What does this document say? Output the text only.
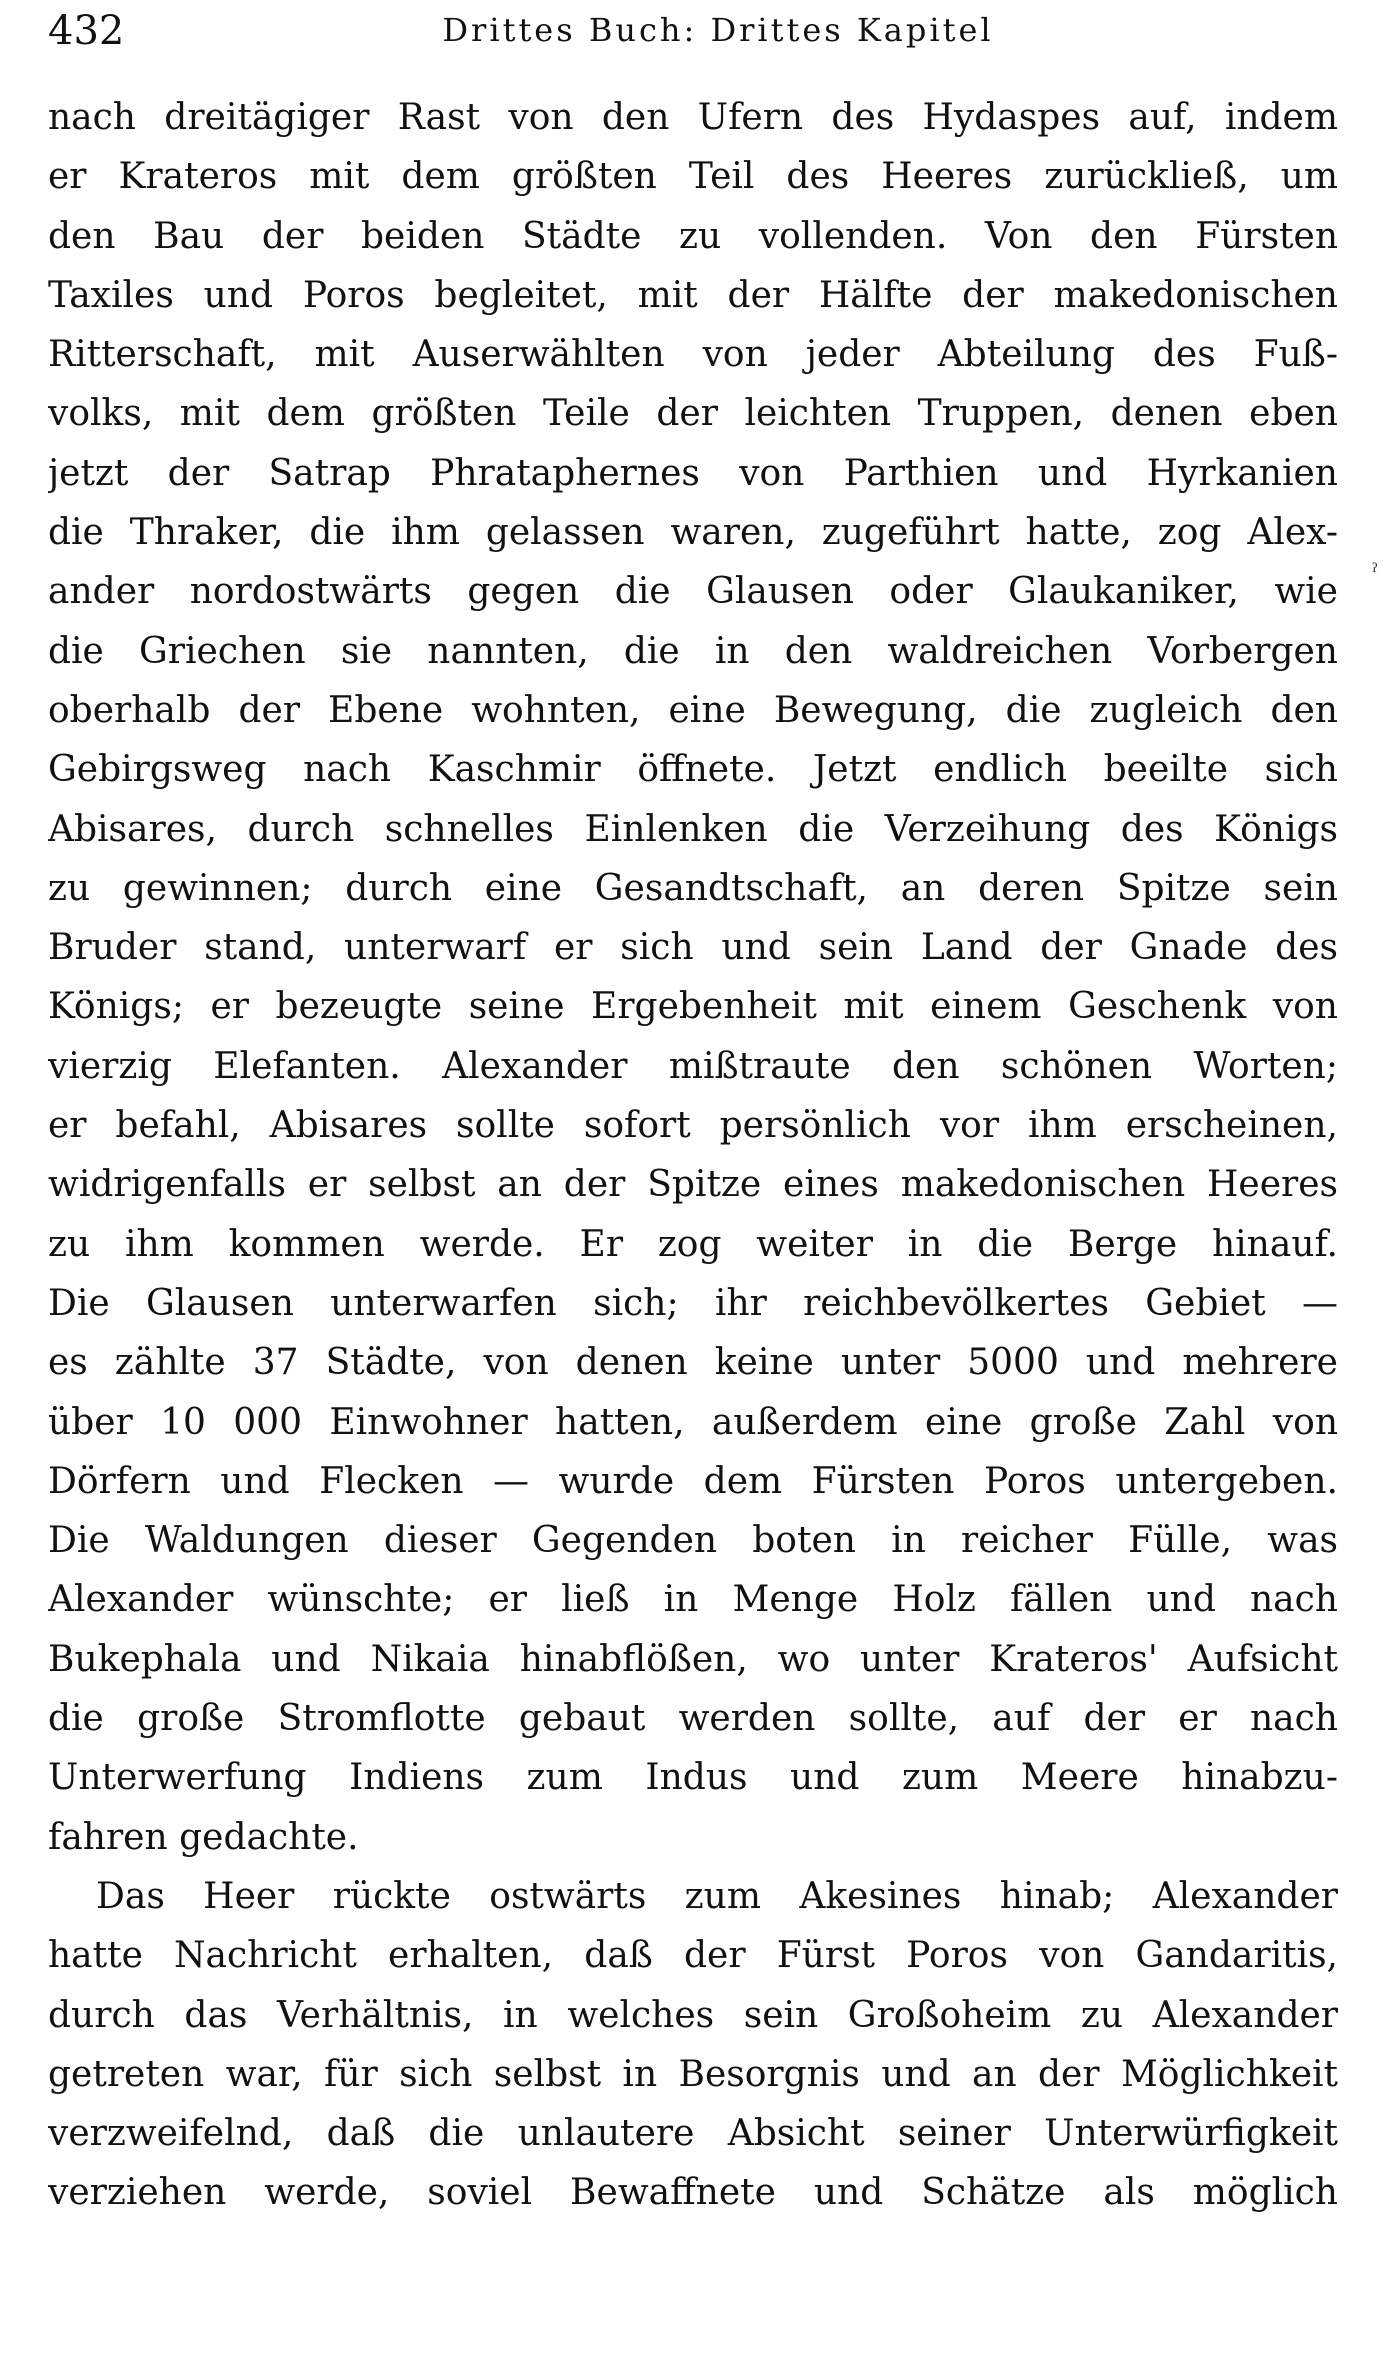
432	Drittes Buch: Drittes Kapitel
ˀ
nach dreitägiger Rast von den Ufern des Hydaspes auf, indem
er Krateros mit dem größten Teil des Heeres zurückließ, um
den Bau der beiden Städte zu vollenden. Von den Fürsten
Taxiles und Poros begleitet, mit der Hälfte der makedonischen
Ritterschaft, mit Auserwählten von jeder Abteilung des Fuß-
volks, mit dem größten Teile der leichten Truppen, denen eben
jetzt der Satrap Phrataphernes von Parthien und Hyrkanien
die Thraker, die ihm gelassen waren, zugeführt hatte, zog Alex-
ander nordostwärts gegen die Glausen oder Glaukaniker, wie
die Griechen sie nannten, die in den waldreichen Vorbergen
oberhalb der Ebene wohnten, eine Bewegung, die zugleich den
Gebirgsweg nach Kaschmir öffnete. Jetzt endlich beeilte sich
Abisares, durch schnelles Einlenken die Verzeihung des Königs
zu gewinnen; durch eine Gesandtschaft, an deren Spitze sein
Bruder stand, unterwarf er sich und sein Land der Gnade des
Königs; er bezeugte seine Ergebenheit mit einem Geschenk von
vierzig Elefanten. Alexander mißtraute den schönen Worten;
er befahl, Abisares sollte sofort persönlich vor ihm erscheinen,
widrigenfalls er selbst an der Spitze eines makedonischen Heeres
zu ihm kommen werde. Er zog weiter in die Berge hinauf.
Die Glausen unterwarfen sich; ihr reichbevölkertes Gebiet —
es zählte 37 Städte, von denen keine unter 5000 und mehrere
über 10 000 Einwohner hatten, außerdem eine große Zahl von
Dörfern und Flecken — wurde dem Fürsten Poros untergeben.
Die Waldungen dieser Gegenden boten in reicher Fülle, was
Alexander wünschte; er ließ in Menge Holz fällen und nach
Bukephala und Nikaia hinabflößen, wo unter Krateros' Aufsicht
die große Stromflotte gebaut werden sollte, auf der er nach
Unterwerfung Indiens zum Indus und zum Meere hinabzu-
fahren gedachte.
Das Heer rückte ostwärts zum Akesines hinab; Alexander
hatte Nachricht erhalten, daß der Fürst Poros von Gandaritis,
durch das Verhältnis, in welches sein Großoheim zu Alexander
getreten war, für sich selbst in Besorgnis und an der Möglichkeit
verzweifelnd, daß die unlautere Absicht seiner Unterwürfigkeit
verziehen werde, soviel Bewaffnete und Schätze als möglich
